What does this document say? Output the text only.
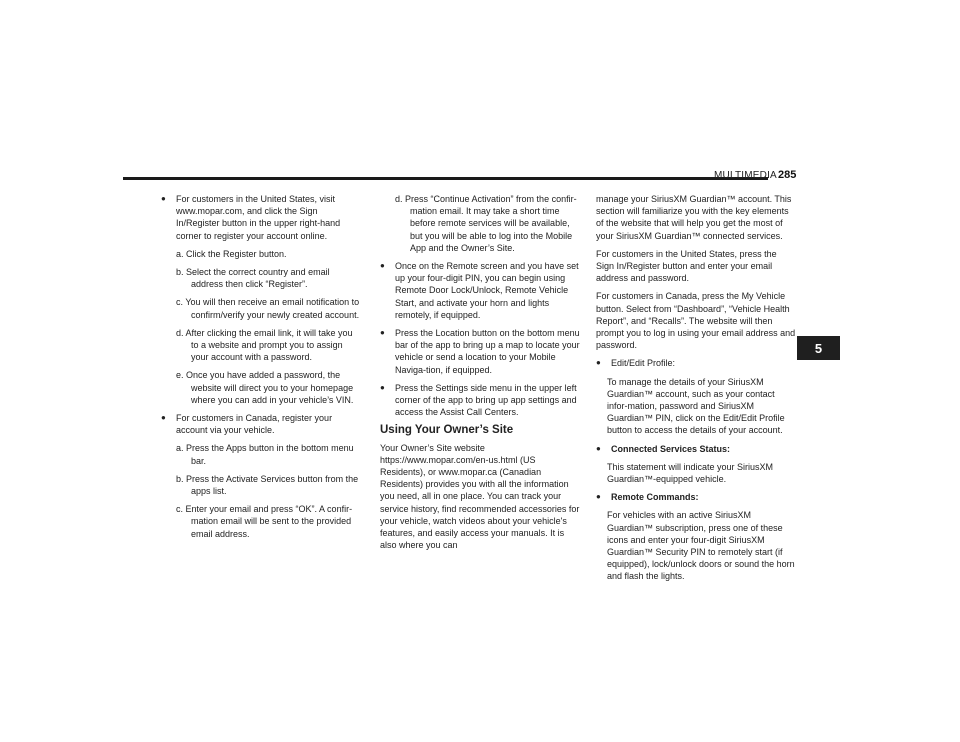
MULTIMEDIA 285
5
● For customers in the United States, visit www.mopar.com, and click the Sign In/Register button in the upper right-hand corner to register your account online.
a. Click the Register button.
b. Select the correct country and email address then click “Register”.
c. You will then receive an email notification to confirm/verify your newly created account.
d. After clicking the email link, it will take you to a website and prompt you to assign your account with a password.
e. Once you have added a password, the website will direct you to your homepage where you can add in your vehicle’s VIN.
● For customers in Canada, register your account via your vehicle.
a. Press the Apps button in the bottom menu bar.
b. Press the Activate Services button from the apps list.
c. Enter your email and press “OK”. A confir-mation email will be sent to the provided email address.
d. Press “Continue Activation” from the confir-mation email. It may take a short time before remote services will be available, but you will be able to log into the Mobile App and the Owner’s Site.
● Once on the Remote screen and you have set up your four-digit PIN, you can begin using Remote Door Lock/Unlock, Remote Vehicle Start, and activate your horn and lights remotely, if equipped.
● Press the Location button on the bottom menu bar of the app to bring up a map to locate your vehicle or send a location to your Mobile Naviga-tion, if equipped.
● Press the Settings side menu in the upper left corner of the app to bring up app settings and access the Assist Call Centers.
Using Your Owner’s Site
Your Owner’s Site website https://www.mopar.com/en-us.html (US Residents), or www.mopar.ca (Canadian Residents) provides you with all the information you need, all in one place. You can track your service history, find recommended accessories for your vehicle, watch videos about your vehicle's features, and easily access your manuals. It is also where you can
manage your SiriusXM Guardian™ account. This section will familiarize you with the key elements of the website that will help you get the most of your SiriusXM Guardian™ connected services.
For customers in the United States, press the Sign In/Register button and enter your email address and password.
For customers in Canada, press the My Vehicle button. Select from “Dashboard”, “Vehicle Health Report”, and “Recalls”. The website will then prompt you to log in using your email address and password.
● Edit/Edit Profile:
To manage the details of your SiriusXM Guardian™ account, such as your contact infor-mation, password and SiriusXM Guardian™ PIN, click on the Edit/Edit Profile button to access the details of your account.
● Connected Services Status:
This statement will indicate your SiriusXM Guardian™-equipped vehicle.
● Remote Commands:
For vehicles with an active SiriusXM Guardian™ subscription, press one of these icons and enter your four-digit SiriusXM Guardian™ Security PIN to remotely start (if equipped), lock/unlock doors or sound the horn and flash the lights.
